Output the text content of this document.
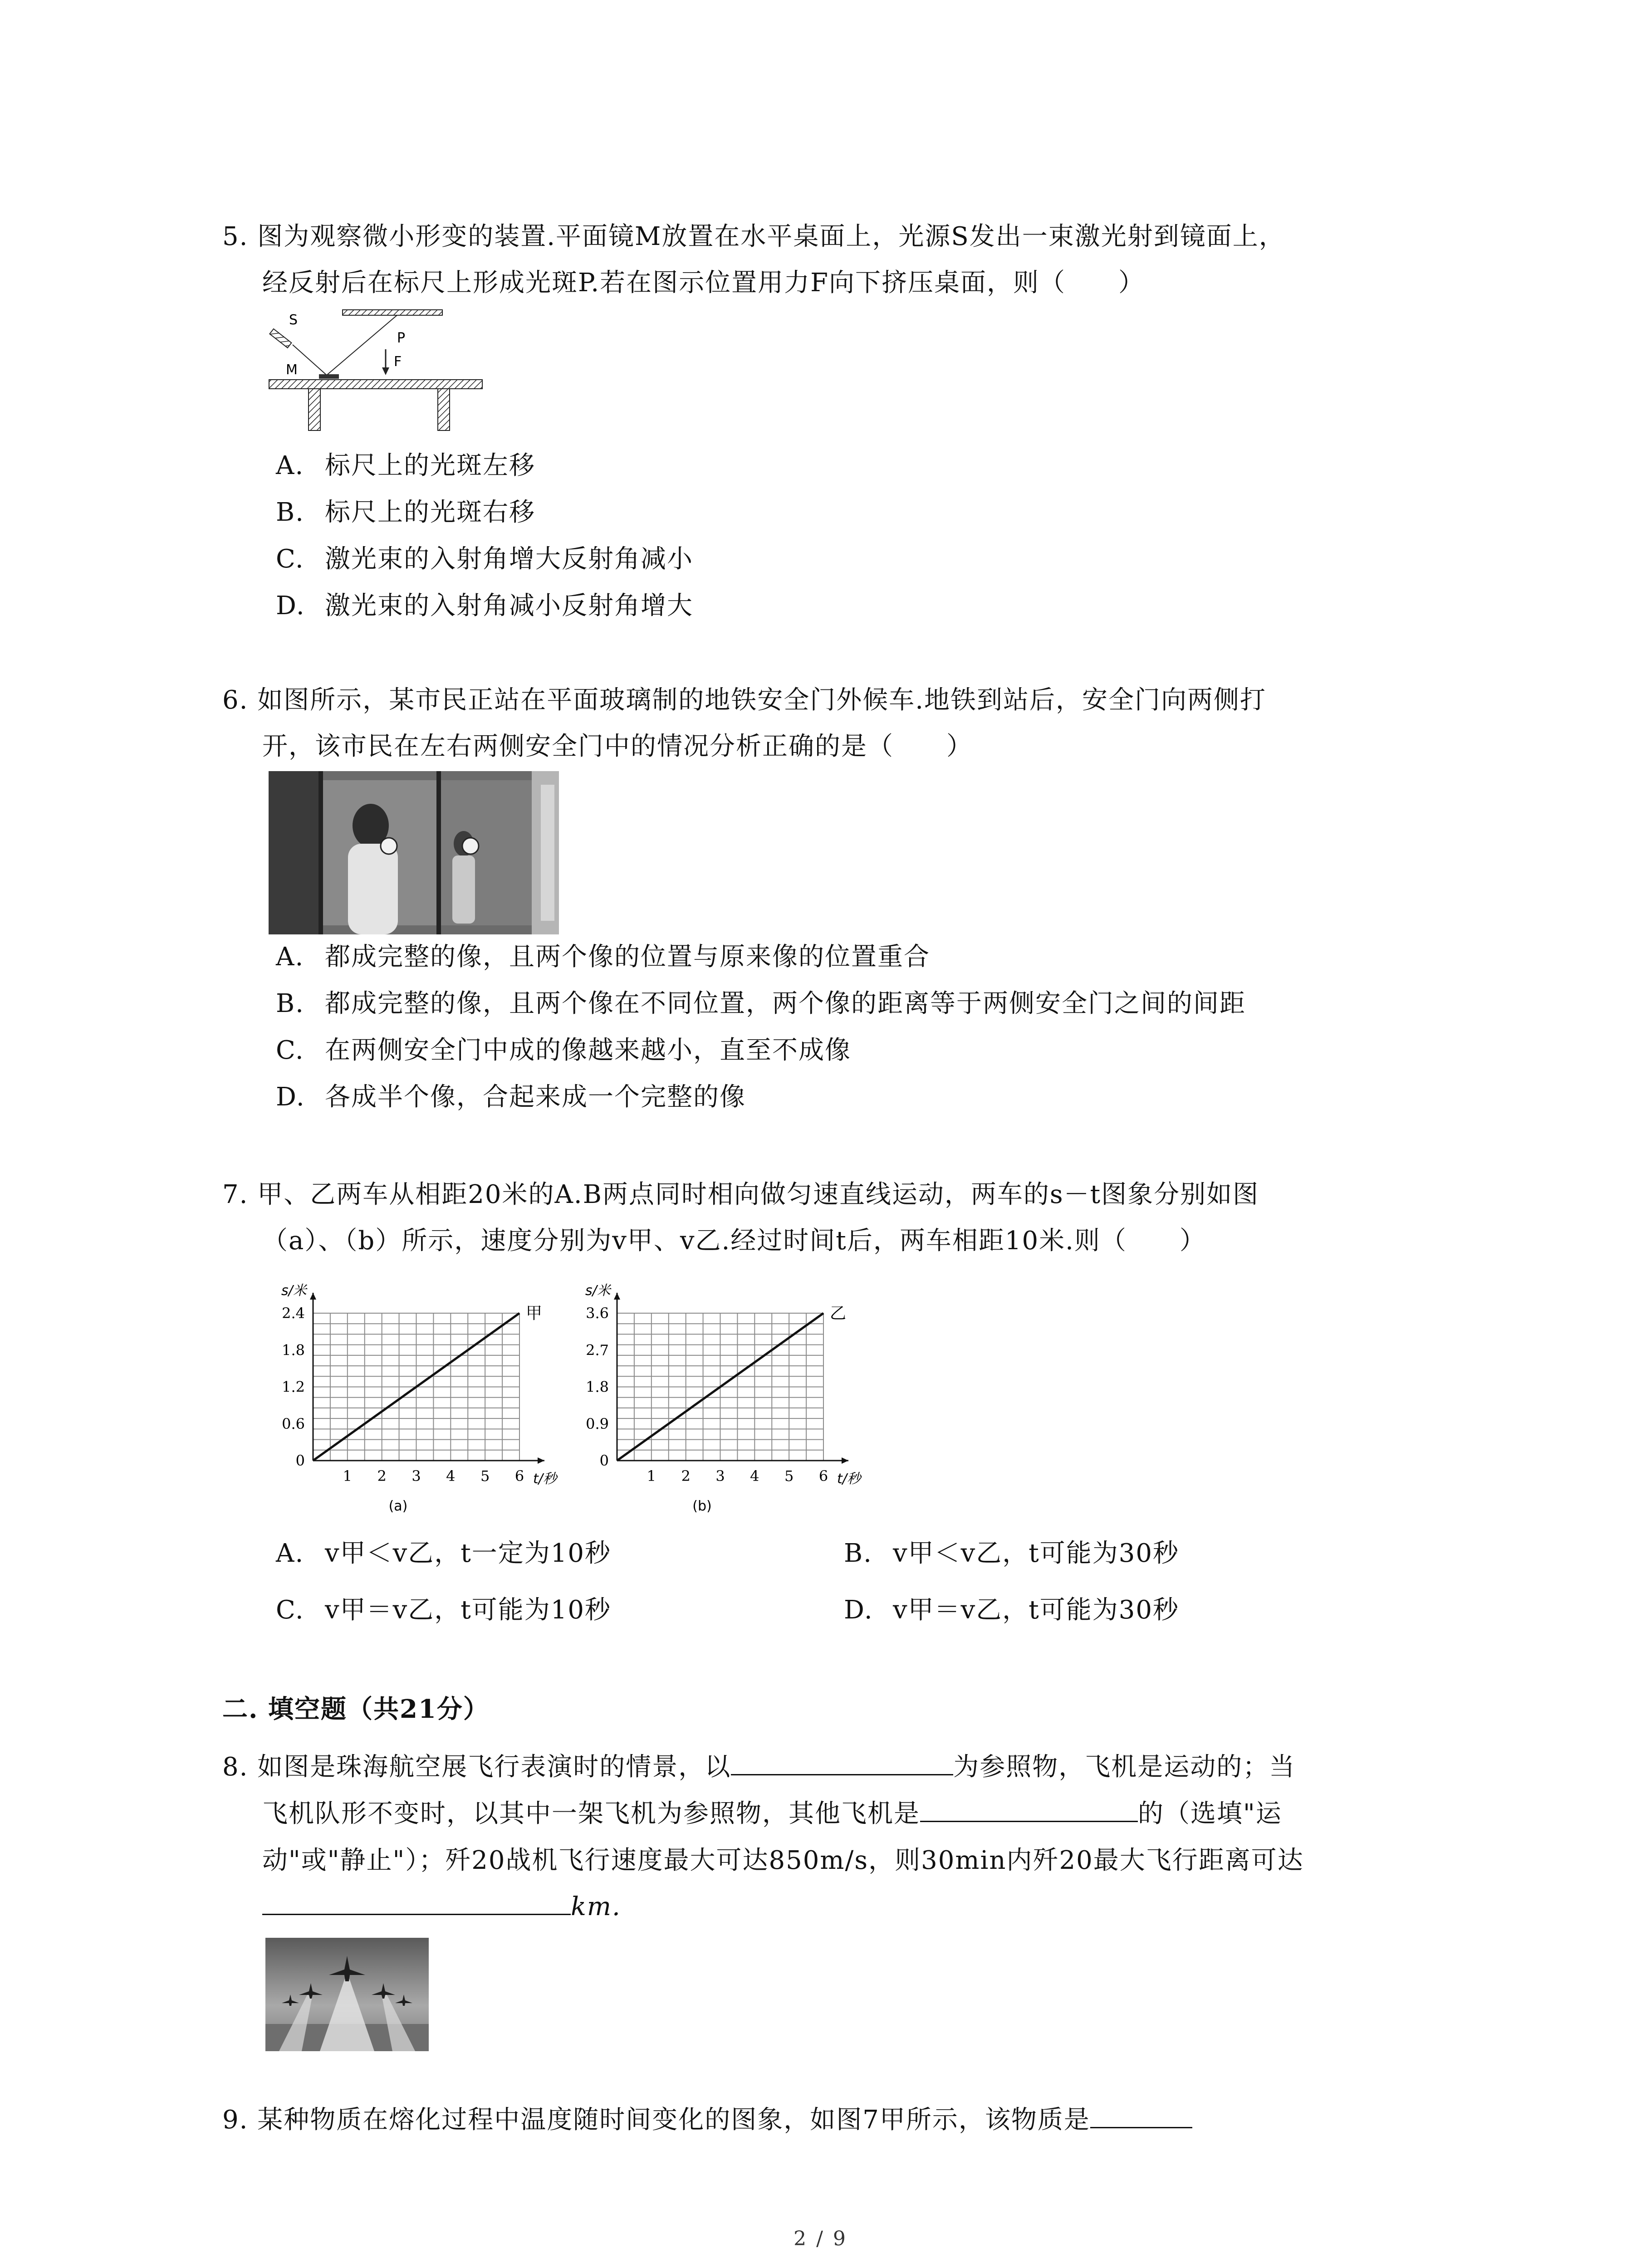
5. 图为观察微小形变的装置.平面镜M放置在水平桌面上，光源S发出一束激光射到镜面上，
经反射后在标尺上形成光斑P.若在图示位置用力F向下挤压桌面，则（　　）
S
M
P
F
A. 标尺上的光斑左移
B. 标尺上的光斑右移
C. 激光束的入射角增大反射角减小
D. 激光束的入射角减小反射角增大
6. 如图所示，某市民正站在平面玻璃制的地铁安全门外候车.地铁到站后，安全门向两侧打
开，该市民在左右两侧安全门中的情况分析正确的是（　　）
A. 都成完整的像，且两个像的位置与原来像的位置重合
B. 都成完整的像，且两个像在不同位置，两个像的距离等于两侧安全门之间的间距
C. 在两侧安全门中成的像越来越小，直至不成像
D. 各成半个像，合起来成一个完整的像
7. 甲、乙两车从相距20米的A.B两点同时相向做匀速直线运动，两车的s－t图象分别如图
（a）、（b）所示，速度分别为v甲、v乙.经过时间t后，两车相距10米.则（　　）
s/米
t/秒
1 2 3 4 5 6
0
0.6
1.2
1.8
2.4	甲
(a)
s/米
t/秒
1 2 3 4 5 6
0
0.9
1.8
2.7
3.6	乙
(b)
A. v甲＜v乙，t一定为10秒	B. v甲＜v乙，t可能为30秒
C. v甲＝v乙，t可能为10秒	D. v甲＝v乙，t可能为30秒
二. 填空题（共21分）
8. 如图是珠海航空展飞行表演时的情景，以	为参照物，飞机是运动的；当
飞机队形不变时，以其中一架飞机为参照物，其他飞机是	的（选填"运
动"或"静止"）；歼20战机飞行速度最大可达850m/s，则30min内歼20最大飞行距离可达
km.
9. 某种物质在熔化过程中温度随时间变化的图象，如图7甲所示，该物质是
2 / 9
